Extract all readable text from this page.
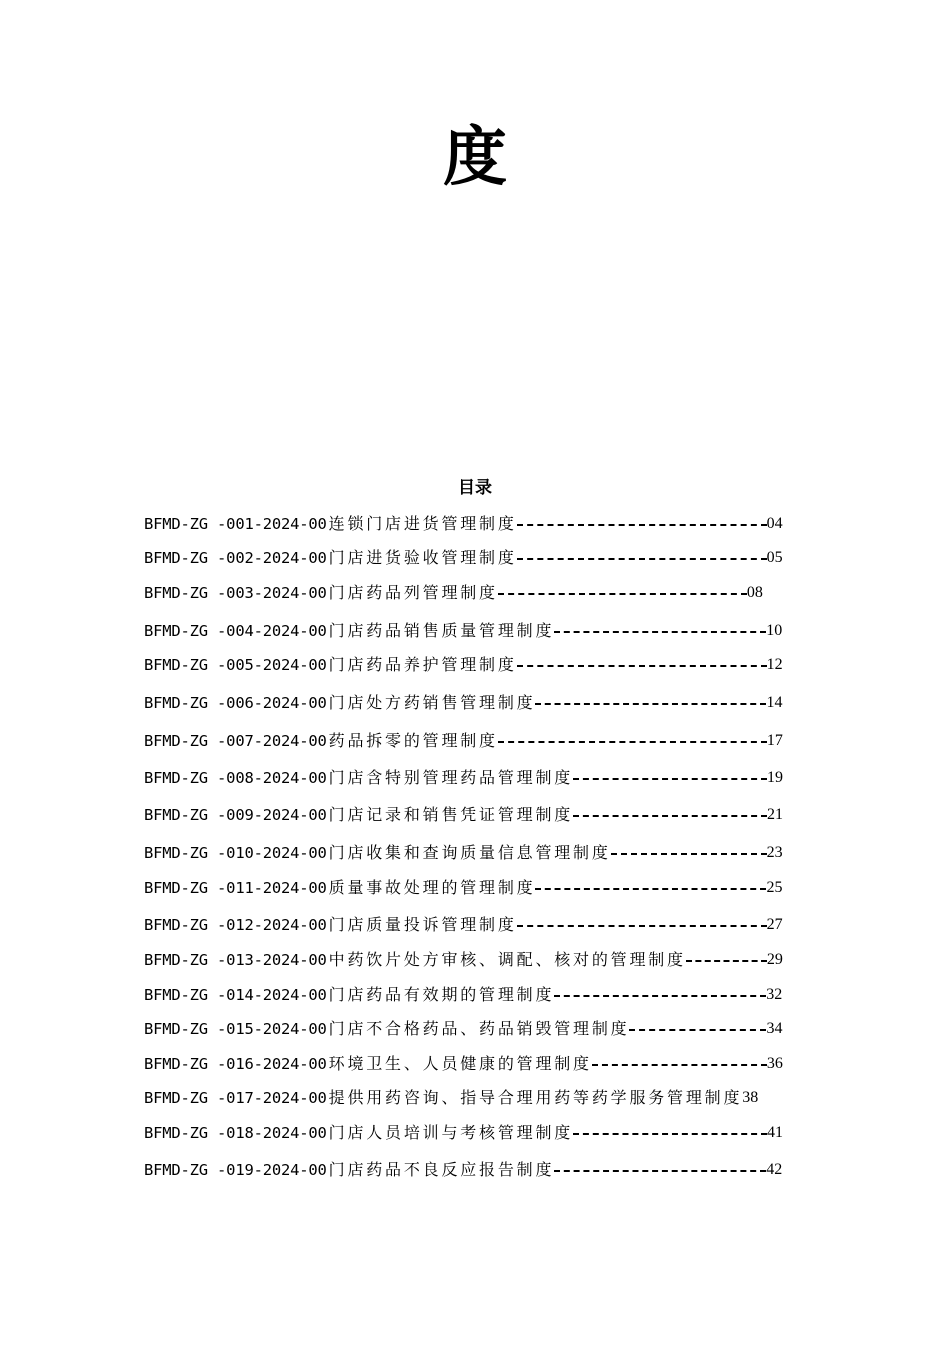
度
目录
BFMD-ZG -001-2024-00 连锁门店进货管理制度	04
BFMD-ZG -002-2024-00 门店进货验收管理制度	05
BFMD-ZG -003-2024-00 门店药品列管理制度	08
BFMD-ZG -004-2024-00 门店药品销售质量管理制度	10
BFMD-ZG -005-2024-00 门店药品养护管理制度	12
BFMD-ZG -006-2024-00 门店处方药销售管理制度	14
BFMD-ZG -007-2024-00 药品拆零的管理制度	17
BFMD-ZG -008-2024-00 门店含特别管理药品管理制度	19
BFMD-ZG -009-2024-00 门店记录和销售凭证管理制度	21
BFMD-ZG -010-2024-00 门店收集和查询质量信息管理制度	23
BFMD-ZG -011-2024-00 质量事故处理的管理制度	25
BFMD-ZG -012-2024-00 门店质量投诉管理制度	27
BFMD-ZG -013-2024-00 中药饮片处方审核、调配、核对的管理制度	29
BFMD-ZG -014-2024-00 门店药品有效期的管理制度	32
BFMD-ZG -015-2024-00 门店不合格药品、药品销毁管理制度	34
BFMD-ZG -016-2024-00 环境卫生、人员健康的管理制度	36
BFMD-ZG -017-2024-00 提供用药咨询、指导合理用药等药学服务管理制度 38
BFMD-ZG -018-2024-00 门店人员培训与考核管理制度	41
BFMD-ZG -019-2024-00 门店药品不良反应报告制度	42
